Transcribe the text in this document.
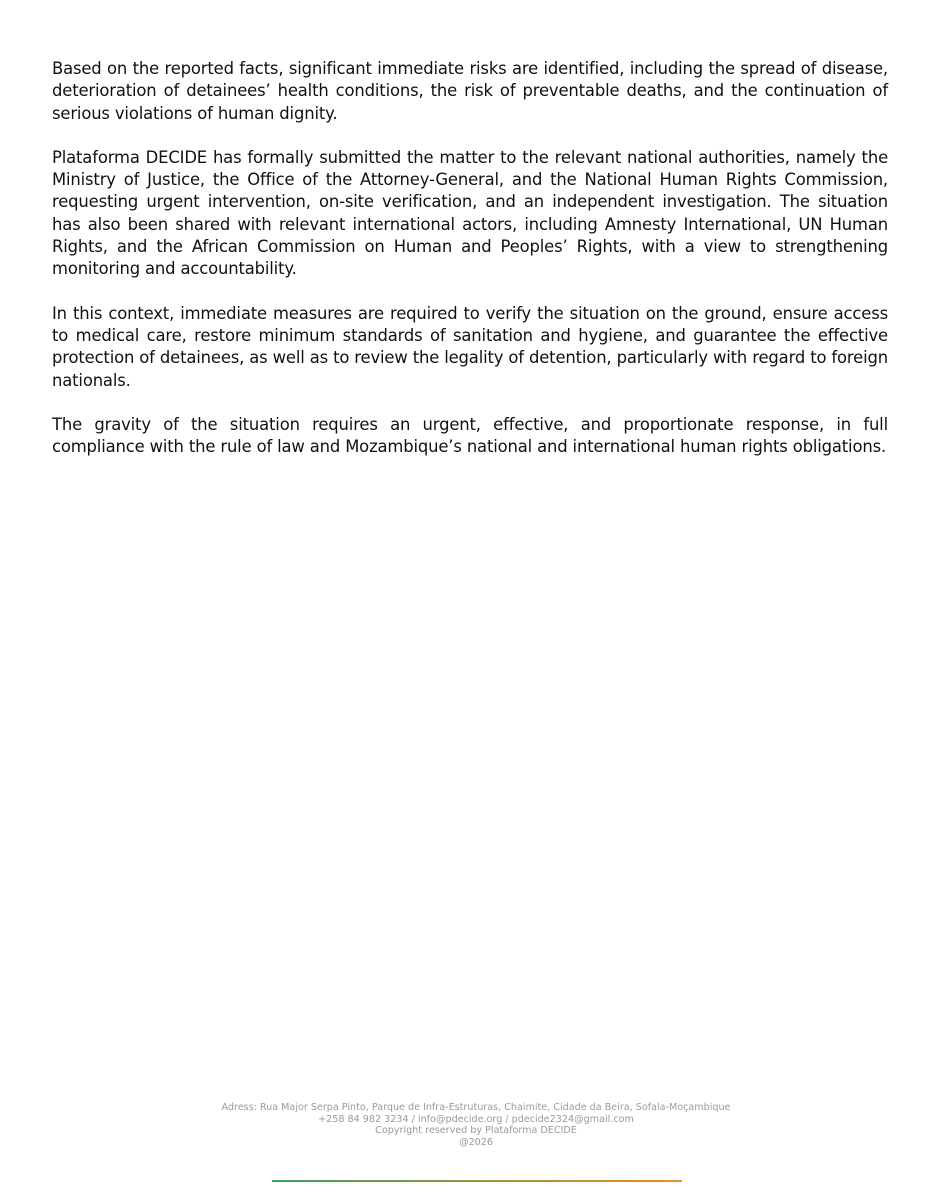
Based on the reported facts, significant immediate risks are identified, including the spread of disease, deterioration of detainees’ health conditions, the risk of preventable deaths, and the continuation of serious violations of human dignity.

Plataforma DECIDE has formally submitted the matter to the relevant national authorities, namely the Ministry of Justice, the Office of the Attorney-General, and the National Human Rights Commission, requesting urgent intervention, on-site verification, and an independent investigation. The situation has also been shared with relevant international actors, including Amnesty International, UN Human Rights, and the African Commission on Human and Peoples’ Rights, with a view to strengthening monitoring and accountability.

In this context, immediate measures are required to verify the situation on the ground, ensure access to medical care, restore minimum standards of sanitation and hygiene, and guarantee the effective protection of detainees, as well as to review the legality of detention, particularly with regard to foreign nationals.

The gravity of the situation requires an urgent, effective, and proportionate response, in full compliance with the rule of law and Mozambique’s national and international human rights obligations.

Adress: Rua Major Serpa Pinto, Parque de Infra-Estruturas, Chaimite, Cidade da Beira, Sofala-Moçambique
+258 84 982 3234 / info@pdecide.org / pdecide2324@gmail.com
Copyright reserved by Plataforma DECIDE
@2026
